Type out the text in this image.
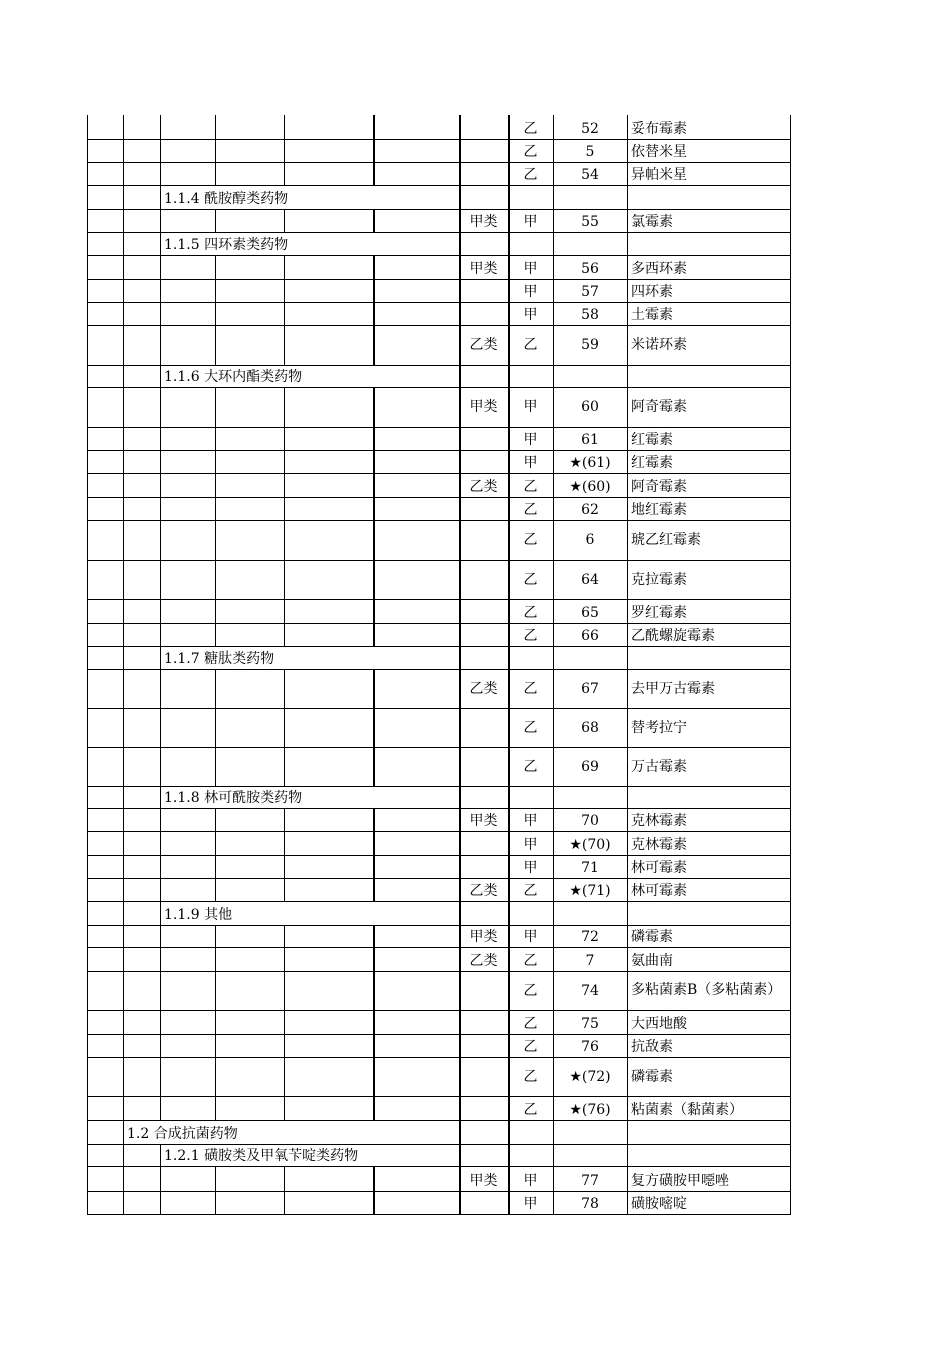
乙	52	妥布霉素
乙	5	依替米星
乙	54	异帕米星
1.1.4 酰胺醇类药物
甲类	甲	55	氯霉素
1.1.5 四环素类药物
甲类	甲	56	多西环素
甲	57	四环素
甲	58	土霉素
乙类	乙	59	米诺环素
1.1.6 大环内酯类药物
甲类	甲	60	阿奇霉素
甲	61	红霉素
甲	★(61)	红霉素
乙类	乙	★(60)	阿奇霉素
乙	62	地红霉素
乙	6	琥乙红霉素
乙	64	克拉霉素
乙	65	罗红霉素
乙	66	乙酰螺旋霉素
1.1.7 糖肽类药物
乙类	乙	67	去甲万古霉素
乙	68	替考拉宁
乙	69	万古霉素
1.1.8 林可酰胺类药物
甲类	甲	70	克林霉素
甲	★(70)	克林霉素
甲	71	林可霉素
乙类	乙	★(71)	林可霉素
1.1.9 其他
甲类	甲	72	磷霉素
乙类	乙	7	氨曲南
乙	74	多粘菌素B（多粘菌素）
乙	75	大西地酸
乙	76	抗敌素
乙	★(72)	磷霉素
乙	★(76)	粘菌素（黏菌素）
1.2 合成抗菌药物
1.2.1 磺胺类及甲氧苄啶类药物
甲类	甲	77	复方磺胺甲噁唑
甲	78	磺胺嘧啶
